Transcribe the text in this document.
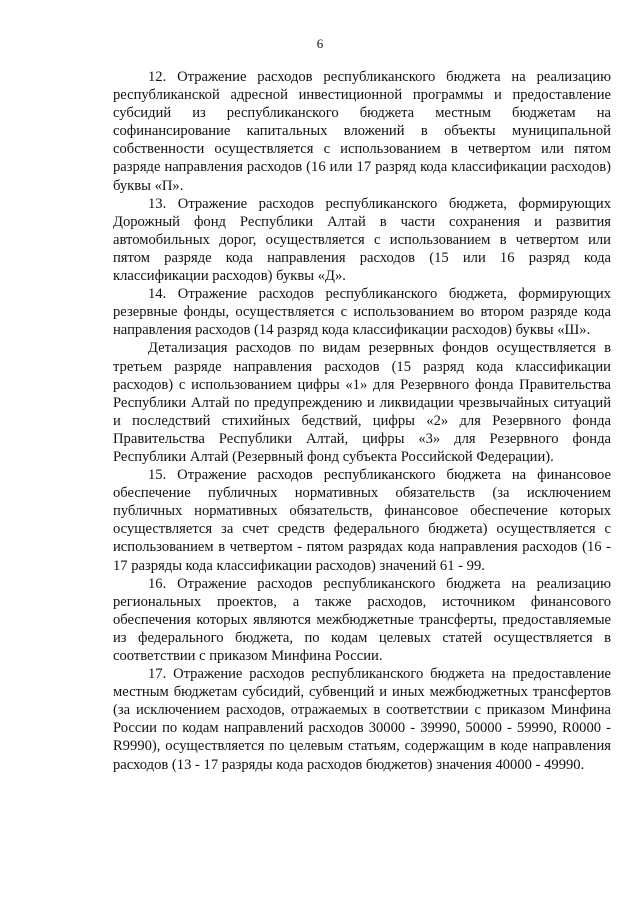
6

12. Отражение расходов республиканского бюджета на реализацию республиканской адресной инвестиционной программы и предоставление субсидий из республиканского бюджета местным бюджетам на софинансирование капитальных вложений в объекты муниципальной собственности осуществляется с использованием в четвертом или пятом разряде направления расходов (16 или 17 разряд кода классификации расходов) буквы «П».

13. Отражение расходов республиканского бюджета, формирующих Дорожный фонд Республики Алтай в части сохранения и развития автомобильных дорог, осуществляется с использованием в четвертом или пятом разряде кода направления расходов (15 или 16 разряд кода классификации расходов) буквы «Д».

14. Отражение расходов республиканского бюджета, формирующих резервные фонды, осуществляется с использованием во втором разряде кода направления расходов (14 разряд кода классификации расходов) буквы «Ш».

Детализация расходов по видам резервных фондов осуществляется в третьем разряде направления расходов (15 разряд кода классификации расходов) с использованием цифры «1» для Резервного фонда Правительства Республики Алтай по предупреждению и ликвидации чрезвычайных ситуаций и последствий стихийных бедствий, цифры «2» для Резервного фонда Правительства Республики Алтай, цифры «3» для Резервного фонда Республики Алтай (Резервный фонд субъекта Российской Федерации).

15. Отражение расходов республиканского бюджета на финансовое обеспечение публичных нормативных обязательств (за исключением публичных нормативных обязательств, финансовое обеспечение которых осуществляется за счет средств федерального бюджета) осуществляется с использованием в четвертом - пятом разрядах кода направления расходов (16 - 17 разряды кода классификации расходов) значений 61 - 99.

16. Отражение расходов республиканского бюджета на реализацию региональных проектов, а также расходов, источником финансового обеспечения которых являются межбюджетные трансферты, предоставляемые из федерального бюджета, по кодам целевых статей осуществляется в соответствии с приказом Минфина России.

17. Отражение расходов республиканского бюджета на предоставление местным бюджетам субсидий, субвенций и иных межбюджетных трансфертов (за исключением расходов, отражаемых в соответствии с приказом Минфина России по кодам направлений расходов 30000 - 39990, 50000 - 59990, R0000 - R9990), осуществляется по целевым статьям, содержащим в коде направления расходов (13 - 17 разряды кода расходов бюджетов) значения 40000 - 49990.
